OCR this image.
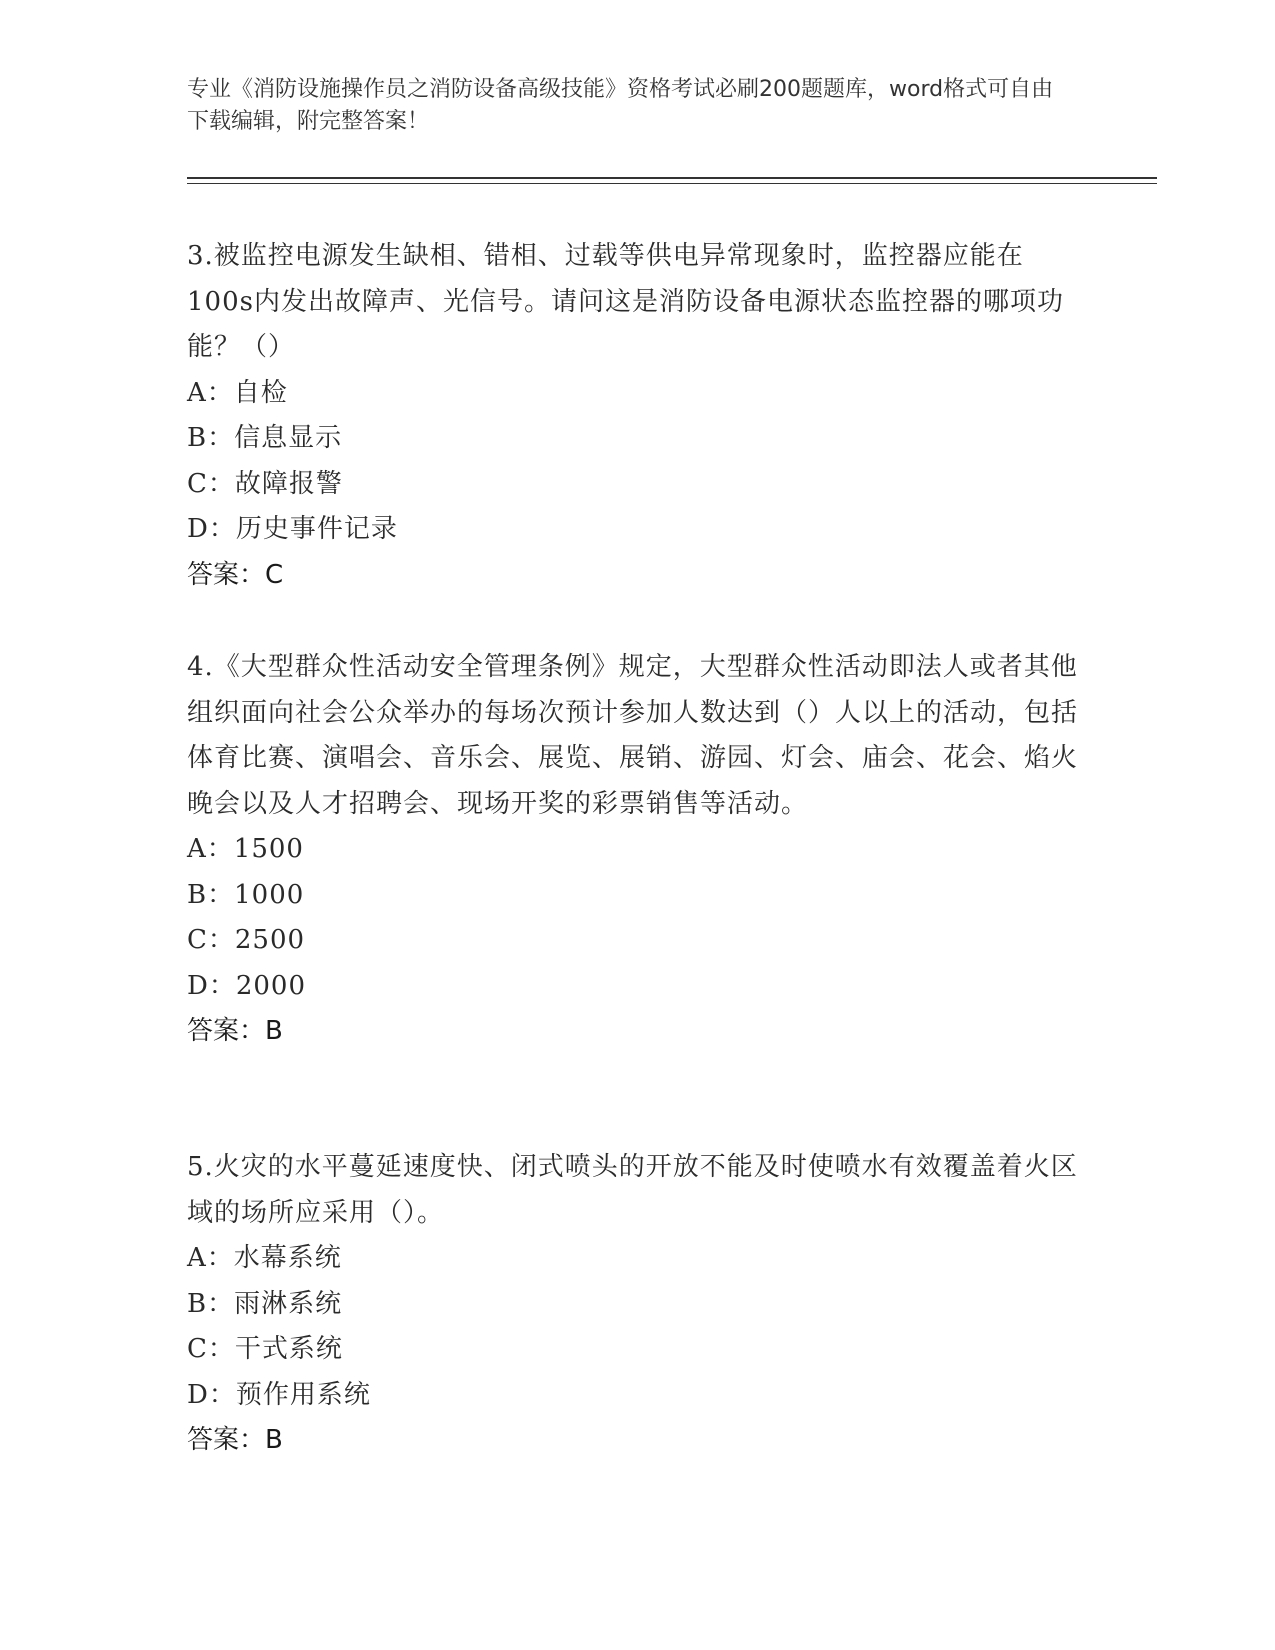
专业《消防设施操作员之消防设备高级技能》资格考试必刷200题题库，word格式可自由下载编辑，附完整答案！

3.被监控电源发生缺相、错相、过载等供电异常现象时，监控器应能在100s内发出故障声、光信号。请问这是消防设备电源状态监控器的哪项功能？（）

A：自检

B：信息显示

C：故障报警

D：历史事件记录

答案：C

4.《大型群众性活动安全管理条例》规定，大型群众性活动即法人或者其他组织面向社会公众举办的每场次预计参加人数达到（）人以上的活动，包括体育比赛、演唱会、音乐会、展览、展销、游园、灯会、庙会、花会、焰火晚会以及人才招聘会、现场开奖的彩票销售等活动。

A：1500

B：1000

C：2500

D：2000

答案：B

5.火灾的水平蔓延速度快、闭式喷头的开放不能及时使喷水有效覆盖着火区域的场所应采用（）。

A：水幕系统

B：雨淋系统

C：干式系统

D：预作用系统

答案：B
